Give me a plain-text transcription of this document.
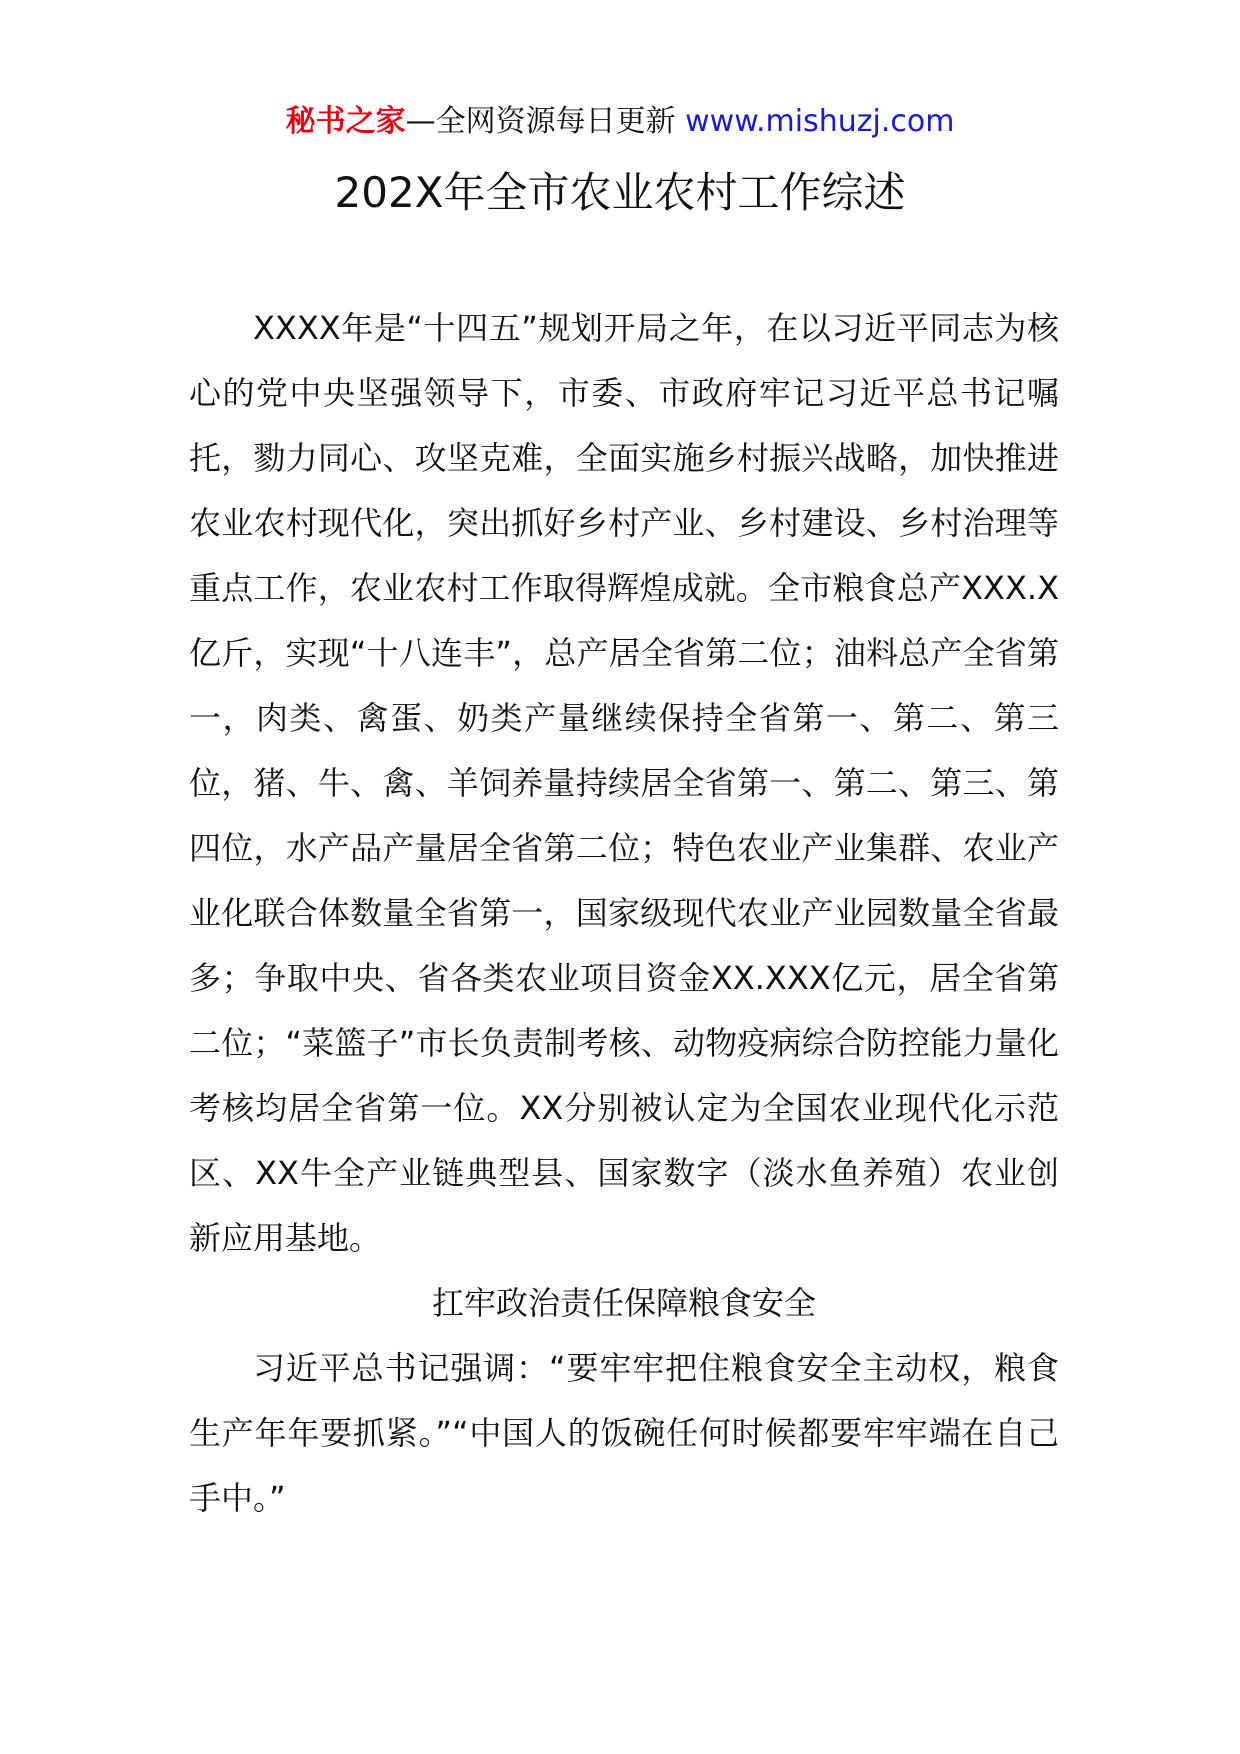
秘书之家—全网资源每日更新 www.mishuzj.com
202X年全市农业农村工作综述

XXXX年是“十四五”规划开局之年，在以习近平同志为核心的党中央坚强领导下，市委、市政府牢记习近平总书记嘱托，勠力同心、攻坚克难，全面实施乡村振兴战略，加快推进农业农村现代化，突出抓好乡村产业、乡村建设、乡村治理等重点工作，农业农村工作取得辉煌成就。全市粮食总产XXX.X亿斤，实现“十八连丰”，总产居全省第二位；油料总产全省第一，肉类、禽蛋、奶类产量继续保持全省第一、第二、第三位，猪、牛、禽、羊饲养量持续居全省第一、第二、第三、第四位，水产品产量居全省第二位；特色农业产业集群、农业产业化联合体数量全省第一，国家级现代农业产业园数量全省最多；争取中央、省各类农业项目资金XX.XXX亿元，居全省第二位；“菜篮子”市长负责制考核、动物疫病综合防控能力量化考核均居全省第一位。XX分别被认定为全国农业现代化示范区、XX牛全产业链典型县、国家数字（淡水鱼养殖）农业创新应用基地。

扛牢政治责任保障粮食安全

习近平总书记强调：“要牢牢把住粮食安全主动权，粮食生产年年要抓紧。”“中国人的饭碗任何时候都要牢牢端在自己手中。”
